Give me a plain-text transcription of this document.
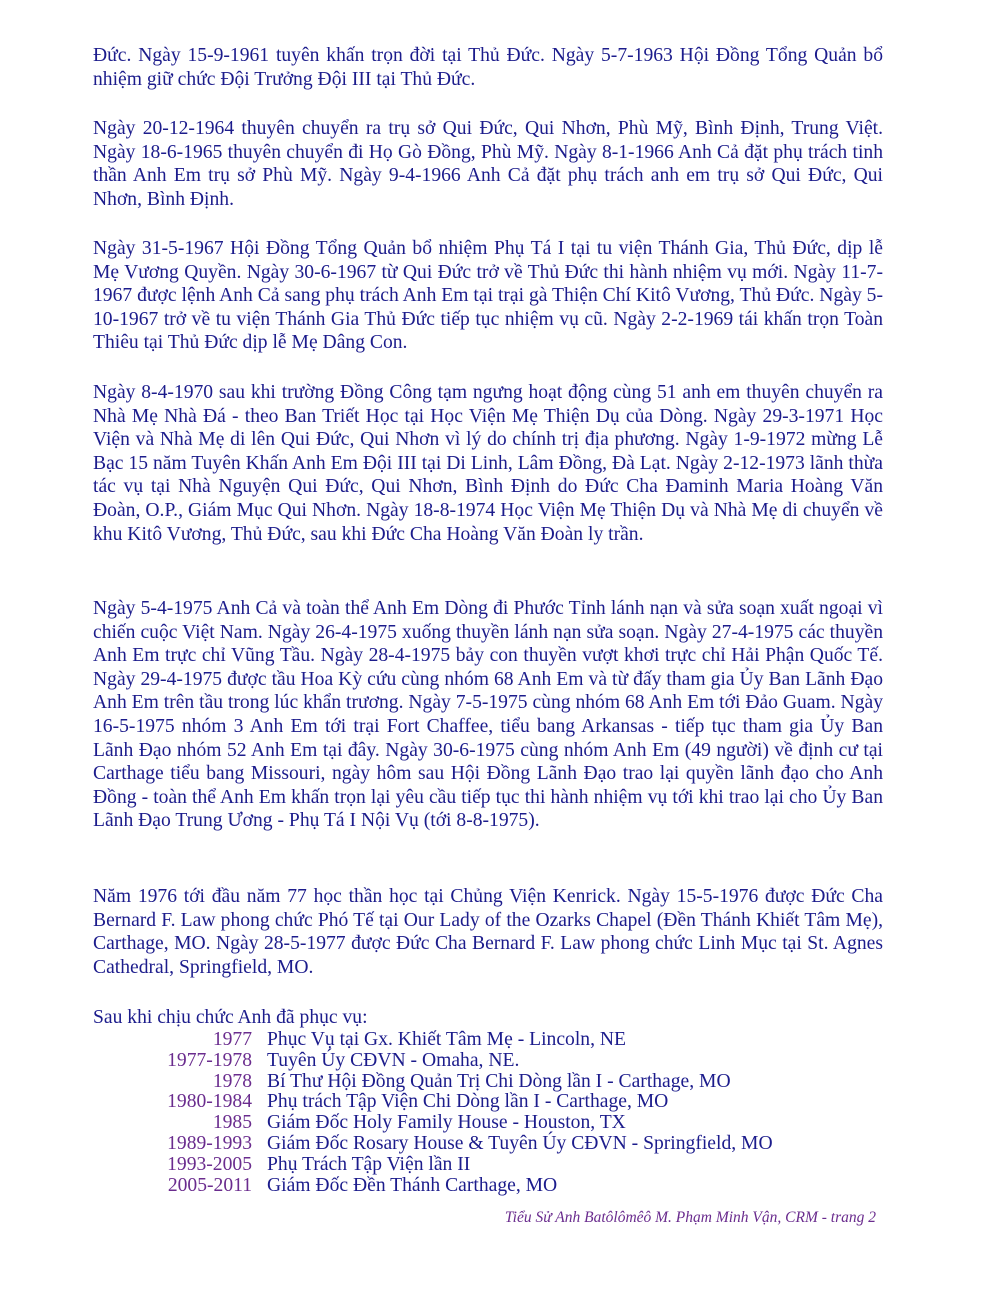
Đức. Ngày 15-9-1961 tuyên khấn trọn đời tại Thủ Đức. Ngày 5-7-1963 Hội Đồng Tổng Quản bổ nhiệm giữ chức Đội Trưởng Đội III tại Thủ Đức.

Ngày 20-12-1964 thuyên chuyển ra trụ sở Qui Đức, Qui Nhơn, Phù Mỹ, Bình Định, Trung Việt. Ngày 18-6-1965 thuyên chuyển đi Họ Gò Đồng, Phù Mỹ. Ngày 8-1-1966 Anh Cả đặt phụ trách tinh thần Anh Em trụ sở Phù Mỹ. Ngày 9-4-1966 Anh Cả đặt phụ trách anh em trụ sở Qui Đức, Qui Nhơn, Bình Định.

Ngày 31-5-1967 Hội Đồng Tổng Quản bổ nhiệm Phụ Tá I tại tu viện Thánh Gia, Thủ Đức, dịp lễ Mẹ Vương Quyền. Ngày 30-6-1967 từ Qui Đức trở về Thủ Đức thi hành nhiệm vụ mới. Ngày 11-7-1967 được lệnh Anh Cả sang phụ trách Anh Em tại trại gà Thiện Chí Kitô Vương, Thủ Đức. Ngày 5-10-1967 trở về tu viện Thánh Gia Thủ Đức tiếp tục nhiệm vụ cũ. Ngày 2-2-1969 tái khấn trọn Toàn Thiêu tại Thủ Đức dịp lễ Mẹ Dâng Con.

Ngày 8-4-1970 sau khi trường Đồng Công tạm ngưng hoạt động cùng 51 anh em thuyên chuyển ra Nhà Mẹ Nhà Đá - theo Ban Triết Học tại Học Viện Mẹ Thiện Dụ của Dòng. Ngày 29-3-1971 Học Viện và Nhà Mẹ di lên Qui Đức, Qui Nhơn vì lý do chính trị địa phương. Ngày 1-9-1972 mừng Lễ Bạc 15 năm Tuyên Khấn Anh Em Đội III tại Di Linh, Lâm Đồng, Đà Lạt. Ngày 2-12-1973 lãnh thừa tác vụ tại Nhà Nguyện Qui Đức, Qui Nhơn, Bình Định do Đức Cha Đaminh Maria Hoàng Văn Đoàn, O.P., Giám Mục Qui Nhơn. Ngày 18-8-1974 Học Viện Mẹ Thiện Dụ và Nhà Mẹ di chuyển về khu Kitô Vương, Thủ Đức, sau khi Đức Cha Hoàng Văn Đoàn ly trần.

Ngày 5-4-1975 Anh Cả và toàn thể Anh Em Dòng đi Phước Tỉnh lánh nạn và sửa soạn xuất ngoại vì chiến cuộc Việt Nam. Ngày 26-4-1975 xuống thuyền lánh nạn sửa soạn. Ngày 27-4-1975 các thuyền Anh Em trực chỉ Vũng Tầu. Ngày 28-4-1975 bảy con thuyền vượt khơi trực chỉ Hải Phận Quốc Tế. Ngày 29-4-1975 được tầu Hoa Kỳ cứu cùng nhóm 68 Anh Em và từ đấy tham gia Ủy Ban Lãnh Đạo Anh Em trên tầu trong lúc khẩn trương. Ngày 7-5-1975 cùng nhóm 68 Anh Em tới Đảo Guam. Ngày 16-5-1975 nhóm 3 Anh Em tới trại Fort Chaffee, tiểu bang Arkansas - tiếp tục tham gia Ủy Ban Lãnh Đạo nhóm 52 Anh Em tại đây. Ngày 30-6-1975 cùng nhóm Anh Em (49 người) về định cư tại Carthage tiểu bang Missouri, ngày hôm sau Hội Đồng Lãnh Đạo trao lại quyền lãnh đạo cho Anh Đồng - toàn thể Anh Em khấn trọn lại yêu cầu tiếp tục thi hành nhiệm vụ tới khi trao lại cho Ủy Ban Lãnh Đạo Trung Ương - Phụ Tá I Nội Vụ (tới 8-8-1975).

Năm 1976 tới đầu năm 77 học thần học tại Chủng Viện Kenrick. Ngày 15-5-1976 được Đức Cha Bernard F. Law phong chức Phó Tế tại Our Lady of the Ozarks Chapel (Đền Thánh Khiết Tâm Mẹ), Carthage, MO. Ngày 28-5-1977 được Đức Cha Bernard F. Law phong chức Linh Mục tại St. Agnes Cathedral, Springfield, MO.

Sau khi chịu chức Anh đã phục vụ:

1977 Phục Vụ tại Gx. Khiết Tâm Mẹ - Lincoln, NE
1977-1978 Tuyên Úy CĐVN - Omaha, NE.
1978 Bí Thư Hội Đồng Quản Trị Chi Dòng lần I - Carthage, MO
1980-1984 Phụ trách Tập Viện Chi Dòng lần I - Carthage, MO
1985 Giám Đốc Holy Family House - Houston, TX
1989-1993 Giám Đốc Rosary House & Tuyên Úy CĐVN - Springfield, MO
1993-2005 Phụ Trách Tập Viện lần II
2005-2011 Giám Đốc Đền Thánh Carthage, MO
Tiểu Sử Anh Batôlômêô M. Phạm Minh Vận, CRM - trang 2
